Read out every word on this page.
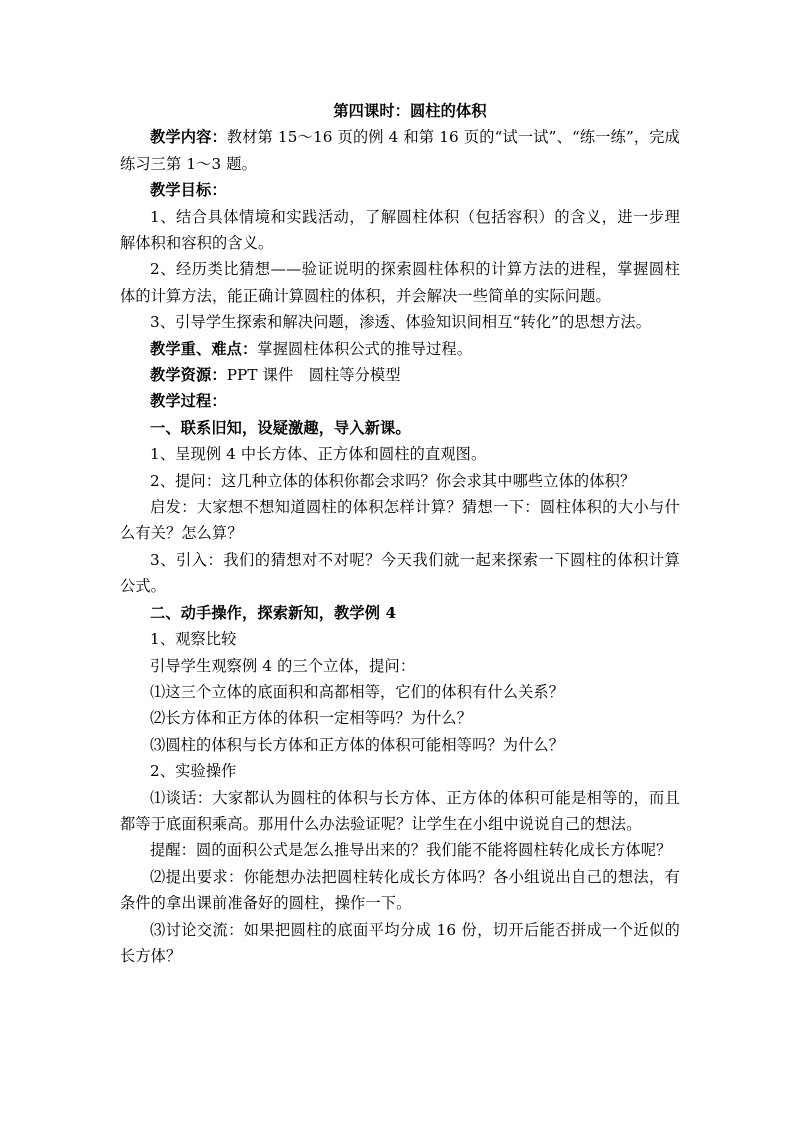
第四课时：圆柱的体积

教学内容：教材第 15～16 页的例 4 和第 16 页的“试一试”、“练一练”，完成练习三第 1～3 题。

教学目标：

1、结合具体情境和实践活动，了解圆柱体积（包括容积）的含义，进一步理解体积和容积的含义。

2、经历类比猜想——验证说明的探索圆柱体积的计算方法的进程，掌握圆柱体的计算方法，能正确计算圆柱的体积，并会解决一些简单的实际问题。

3、引导学生探索和解决问题，渗透、体验知识间相互“转化”的思想方法。

教学重、难点：掌握圆柱体积公式的推导过程。

教学资源：PPT 课件　圆柱等分模型

教学过程：

一、联系旧知，设疑激趣，导入新课。

1、呈现例 4 中长方体、正方体和圆柱的直观图。

2、提问：这几种立体的体积你都会求吗？你会求其中哪些立体的体积？

启发：大家想不想知道圆柱的体积怎样计算？猜想一下：圆柱体积的大小与什么有关？怎么算？

3、引入：我们的猜想对不对呢？今天我们就一起来探索一下圆柱的体积计算公式。

二、动手操作，探索新知，教学例 4

1、观察比较

引导学生观察例 4 的三个立体，提问：

⑴这三个立体的底面积和高都相等，它们的体积有什么关系？

⑵长方体和正方体的体积一定相等吗？为什么？

⑶圆柱的体积与长方体和正方体的体积可能相等吗？为什么？

2、实验操作

⑴谈话：大家都认为圆柱的体积与长方体、正方体的体积可能是相等的，而且都等于底面积乘高。那用什么办法验证呢？让学生在小组中说说自己的想法。

提醒：圆的面积公式是怎么推导出来的？我们能不能将圆柱转化成长方体呢？

⑵提出要求：你能想办法把圆柱转化成长方体吗？各小组说出自己的想法，有条件的拿出课前准备好的圆柱，操作一下。

⑶讨论交流：如果把圆柱的底面平均分成 16 份，切开后能否拼成一个近似的长方体？
